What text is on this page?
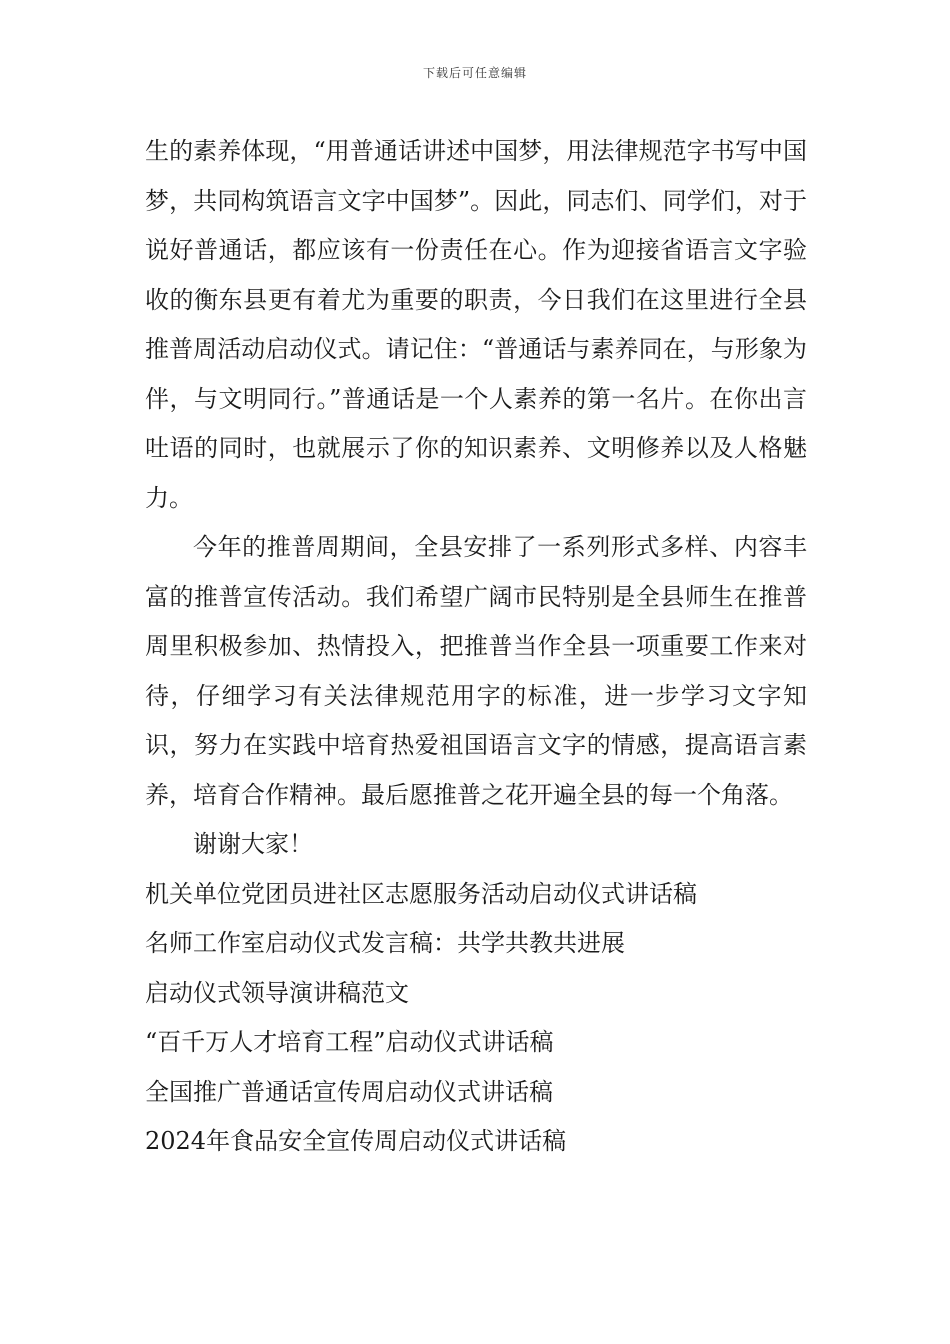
下载后可任意编辑

生的素养体现，“用普通话讲述中国梦，用法律规范字书写中国梦，共同构筑语言文字中国梦”。因此，同志们、同学们，对于说好普通话，都应该有一份责任在心。作为迎接省语言文字验收的衡东县更有着尤为重要的职责，今日我们在这里进行全县推普周活动启动仪式。请记住：“普通话与素养同在，与形象为伴，与文明同行。”普通话是一个人素养的第一名片。在你出言吐语的同时，也就展示了你的知识素养、文明修养以及人格魅力。

今年的推普周期间，全县安排了一系列形式多样、内容丰富的推普宣传活动。我们希望广阔市民特别是全县师生在推普周里积极参加、热情投入，把推普当作全县一项重要工作来对待，仔细学习有关法律规范用字的标准，进一步学习文字知识，努力在实践中培育热爱祖国语言文字的情感，提高语言素养，培育合作精神。最后愿推普之花开遍全县的每一个角落。

谢谢大家！

机关单位党团员进社区志愿服务活动启动仪式讲话稿
名师工作室启动仪式发言稿：共学共教共进展
启动仪式领导演讲稿范文
“百千万人才培育工程”启动仪式讲话稿
全国推广普通话宣传周启动仪式讲话稿
2024年食品安全宣传周启动仪式讲话稿
